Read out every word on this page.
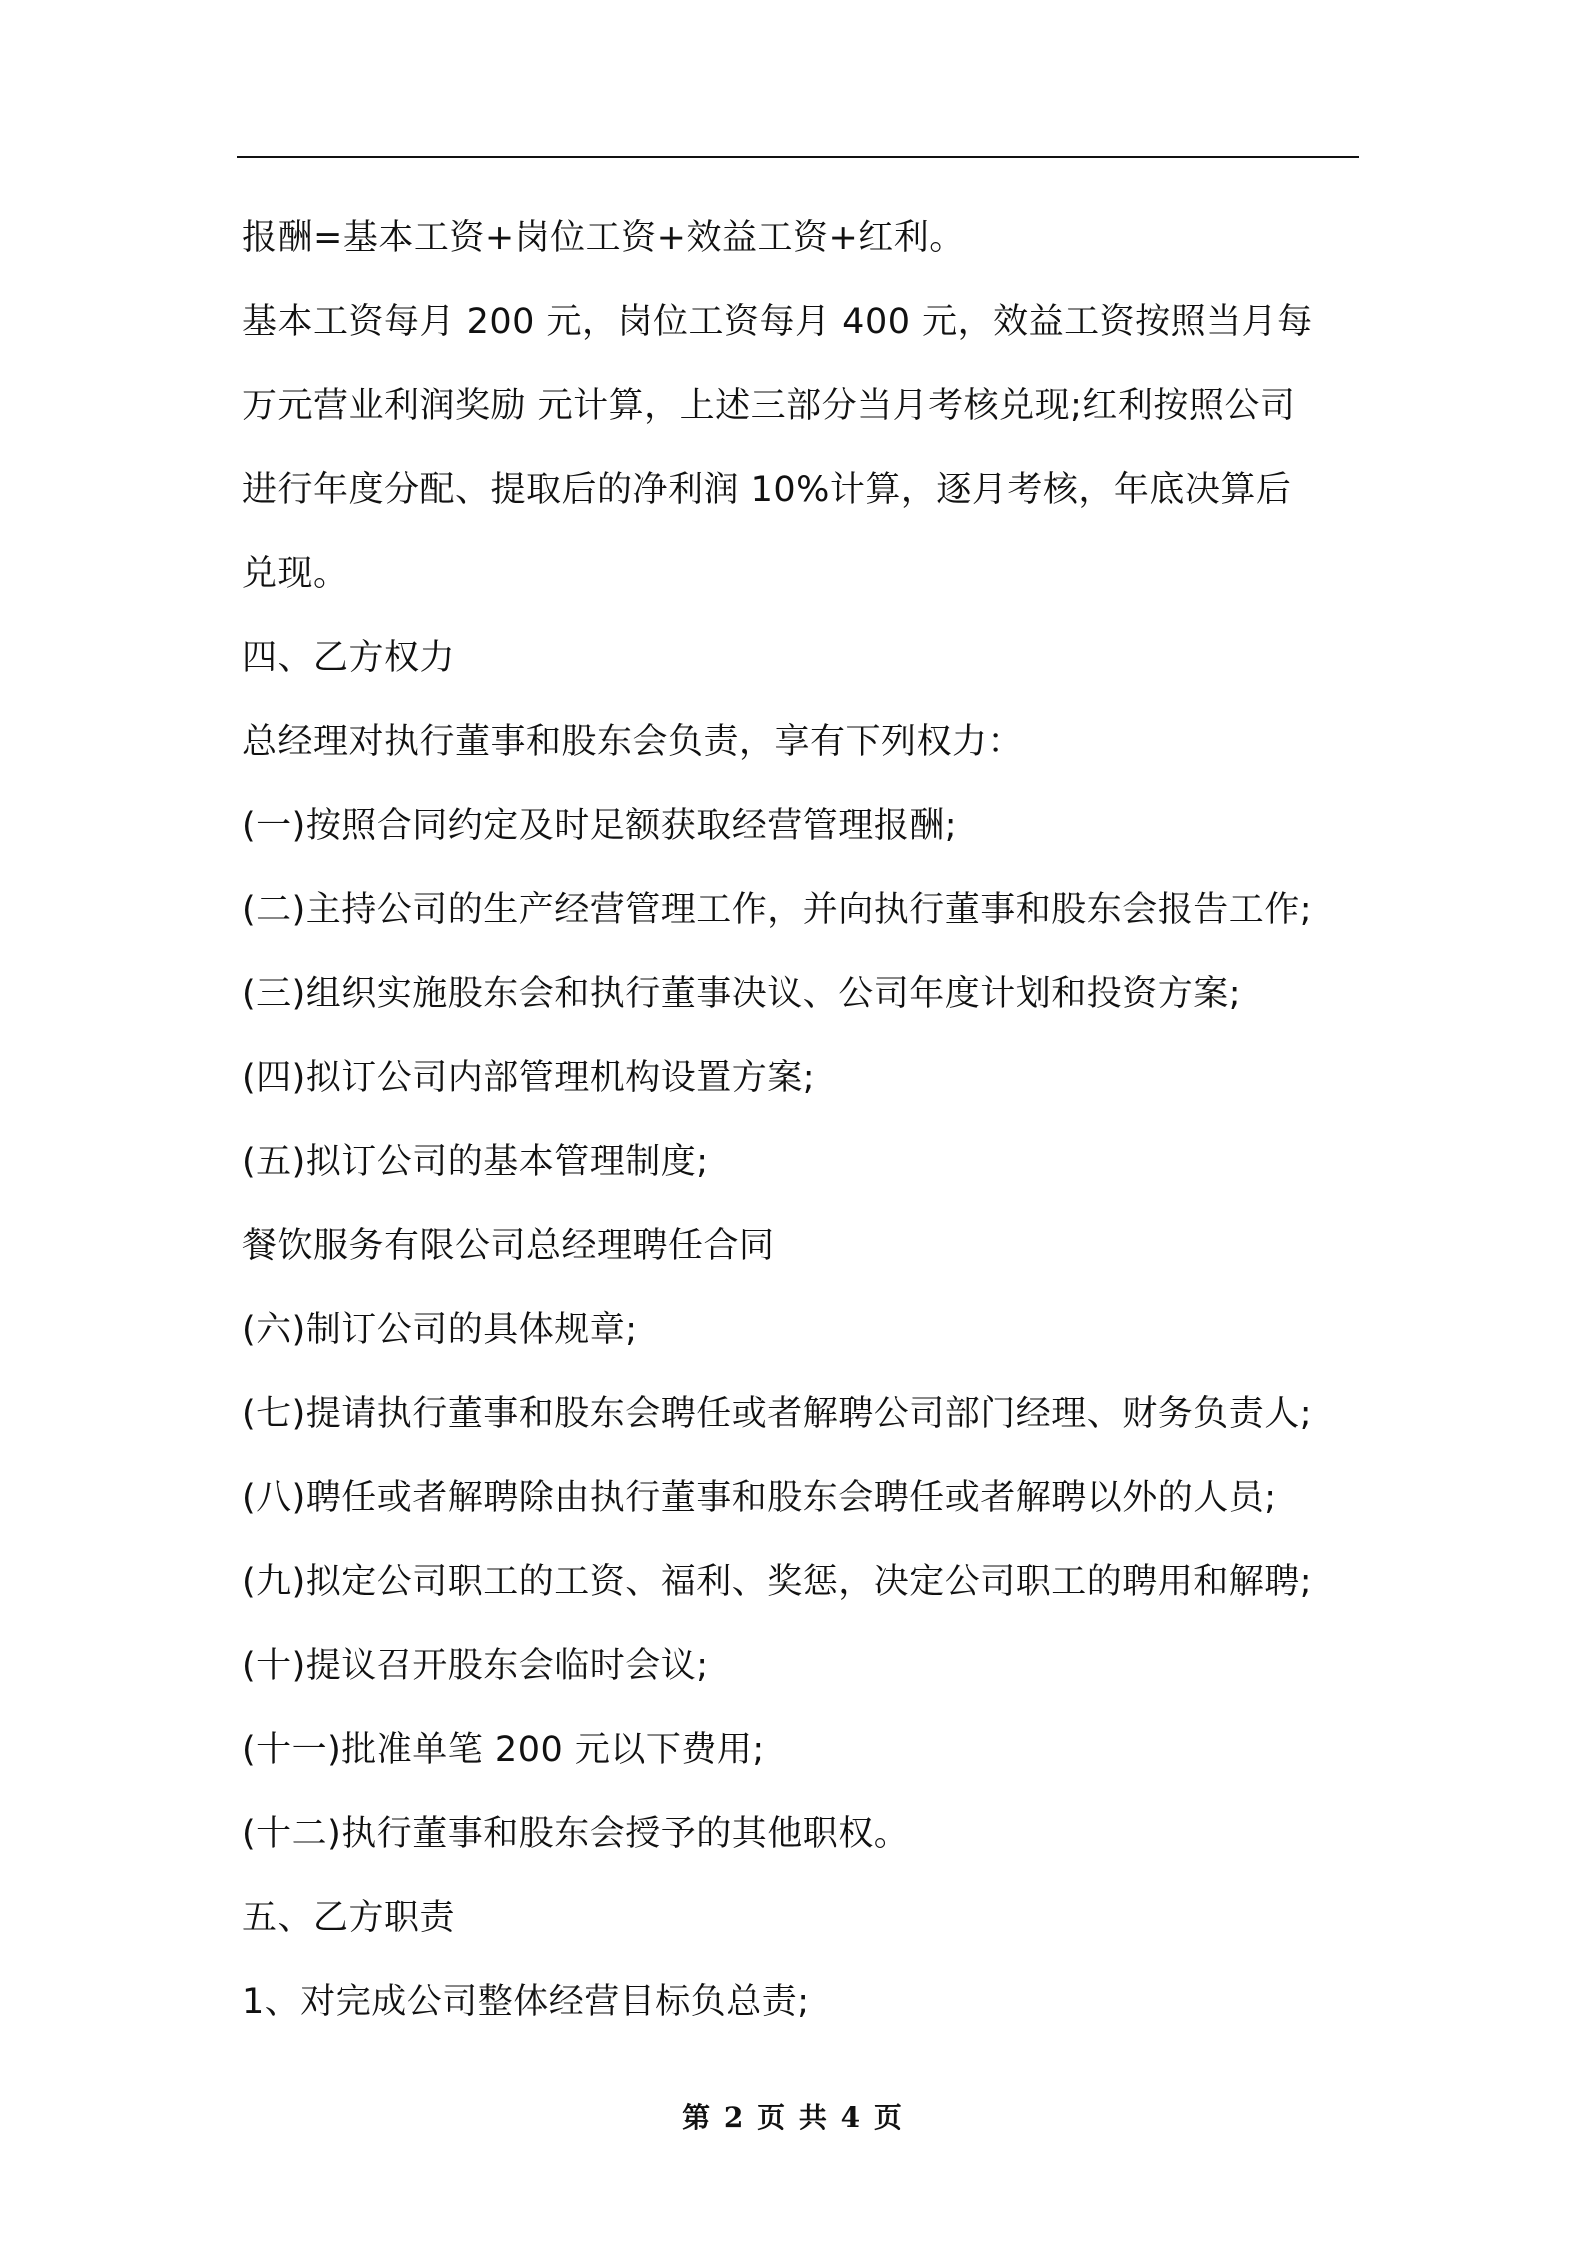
报酬=基本工资+岗位工资+效益工资+红利。
基本工资每月 200 元，岗位工资每月 400 元，效益工资按照当月每
万元营业利润奖励 元计算，上述三部分当月考核兑现;红利按照公司
进行年度分配、提取后的净利润 10%计算，逐月考核，年底决算后
兑现。
四、乙方权力
总经理对执行董事和股东会负责，享有下列权力：
(一)按照合同约定及时足额获取经营管理报酬;
(二)主持公司的生产经营管理工作，并向执行董事和股东会报告工作;
(三)组织实施股东会和执行董事决议、公司年度计划和投资方案;
(四)拟订公司内部管理机构设置方案;
(五)拟订公司的基本管理制度;
餐饮服务有限公司总经理聘任合同
(六)制订公司的具体规章;
(七)提请执行董事和股东会聘任或者解聘公司部门经理、财务负责人;
(八)聘任或者解聘除由执行董事和股东会聘任或者解聘以外的人员;
(九)拟定公司职工的工资、福利、奖惩，决定公司职工的聘用和解聘;
(十)提议召开股东会临时会议;
(十一)批准单笔 200 元以下费用;
(十二)执行董事和股东会授予的其他职权。
五、乙方职责
1、对完成公司整体经营目标负总责;
第 2 页 共 4 页
